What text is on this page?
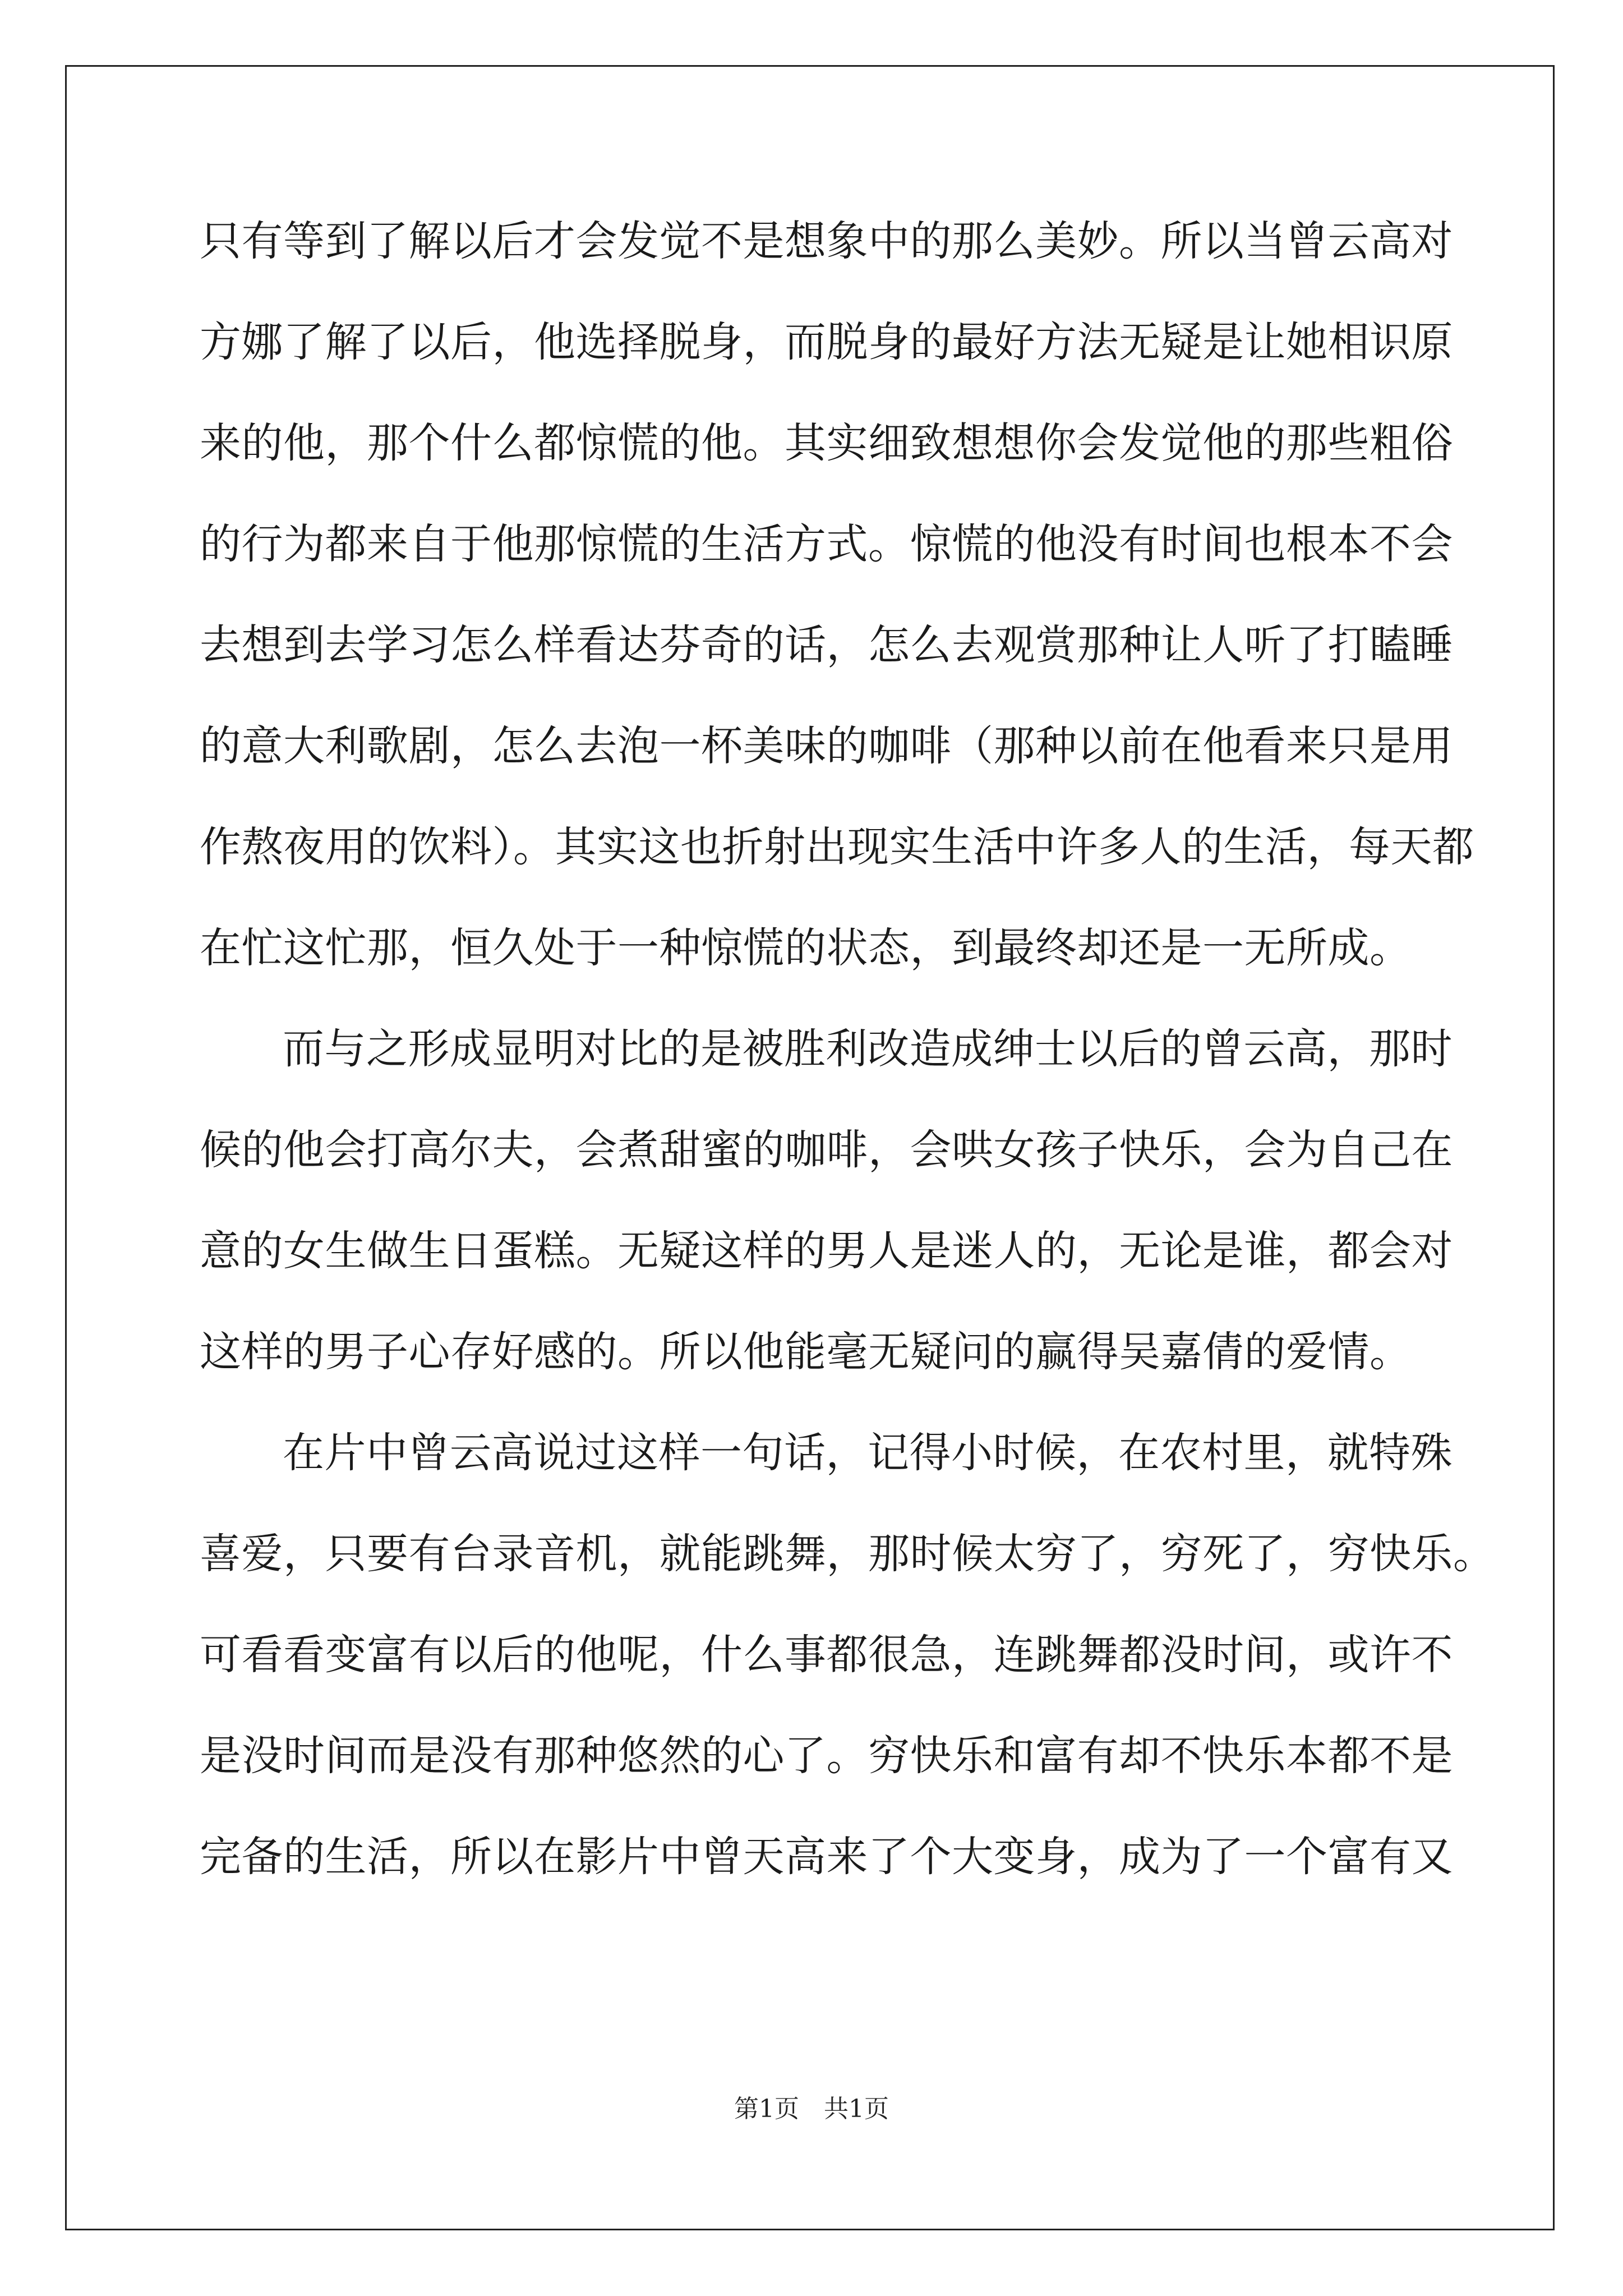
只有等到了解以后才会发觉不是想象中的那么美妙。所以当曾云高对
方娜了解了以后，他选择脱身，而脱身的最好方法无疑是让她相识原
来的他，那个什么都惊慌的他。其实细致想想你会发觉他的那些粗俗
的行为都来自于他那惊慌的生活方式。惊慌的他没有时间也根本不会
去想到去学习怎么样看达芬奇的话，怎么去观赏那种让人听了打瞌睡
的意大利歌剧，怎么去泡一杯美味的咖啡（那种以前在他看来只是用
作熬夜用的饮料）。其实这也折射出现实生活中许多人的生活，每天都
在忙这忙那，恒久处于一种惊慌的状态，到最终却还是一无所成。
而与之形成显明对比的是被胜利改造成绅士以后的曾云高，那时
候的他会打高尔夫，会煮甜蜜的咖啡，会哄女孩子快乐，会为自己在
意的女生做生日蛋糕。无疑这样的男人是迷人的，无论是谁，都会对
这样的男子心存好感的。所以他能毫无疑问的赢得吴嘉倩的爱情。
在片中曾云高说过这样一句话，记得小时候，在农村里，就特殊
喜爱，只要有台录音机，就能跳舞，那时候太穷了，穷死了，穷快乐。
可看看变富有以后的他呢，什么事都很急，连跳舞都没时间，或许不
是没时间而是没有那种悠然的心了。穷快乐和富有却不快乐本都不是
完备的生活，所以在影片中曾天高来了个大变身，成为了一个富有又
第1页 共1页
